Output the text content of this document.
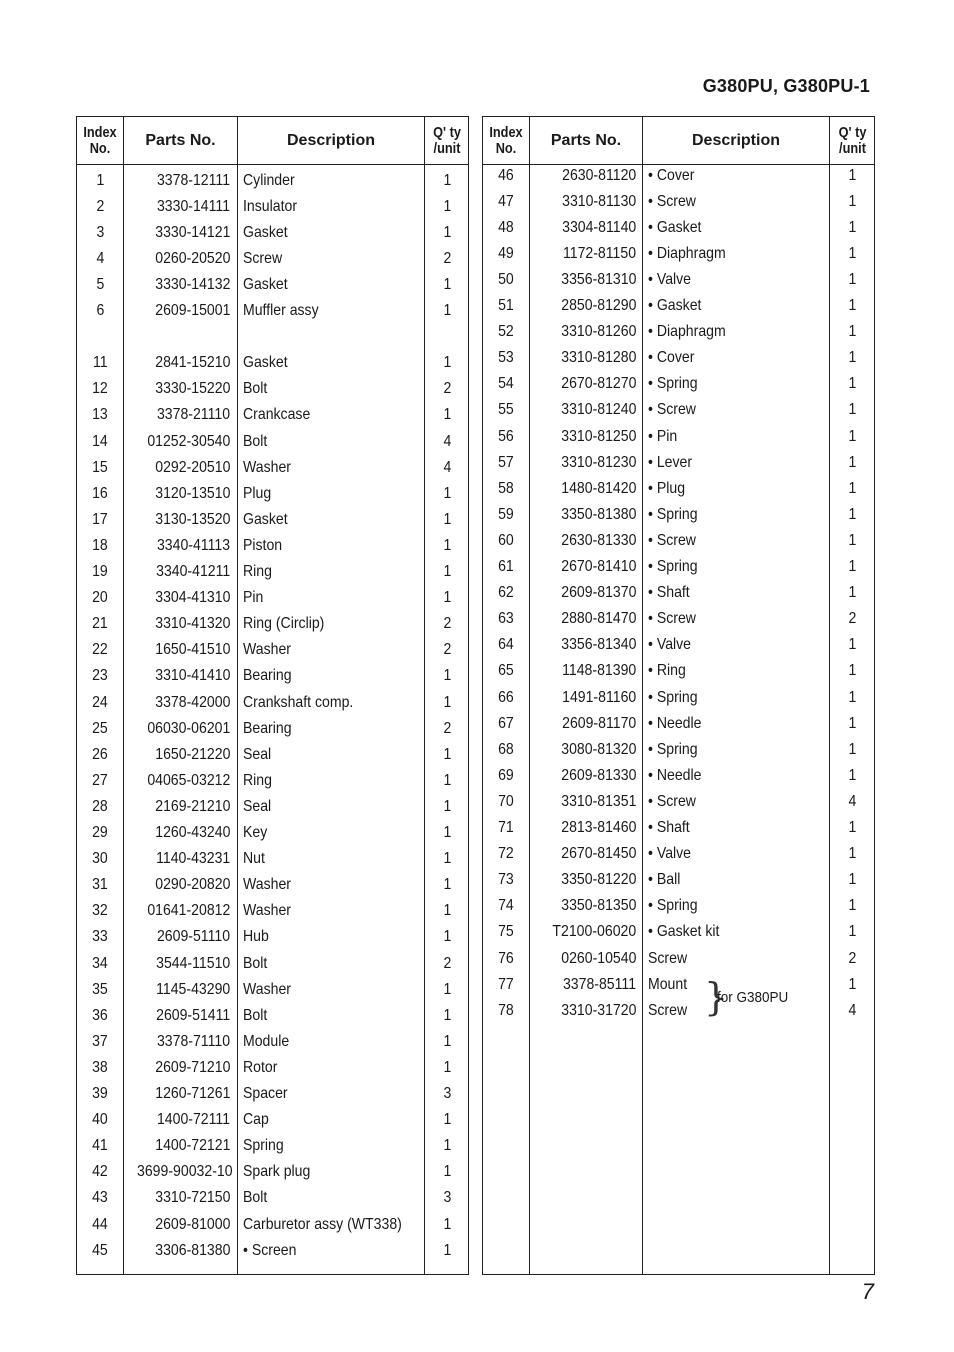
G380PU, G380PU-1
Index
No.	Parts No.	Description	Q' ty
/unit
1	3378-12111 Cylinder	1
2	3330-14111 Insulator	1
3	3330-14121 Gasket	1
4	0260-20520 Screw	2
5	3330-14132 Gasket	1
6	2609-15001 Muffler assy	1
11	2841-15210 Gasket	1
12	3330-15220 Bolt	2
13	3378-21110 Crankcase	1
14	01252-30540 Bolt	4
15	0292-20510 Washer	4
16	3120-13510 Plug	1
17	3130-13520 Gasket	1
18	3340-41113 Piston	1
19	3340-41211 Ring	1
20	3304-41310 Pin	1
21	3310-41320 Ring (Circlip)	2
22	1650-41510 Washer	2
23	3310-41410 Bearing	1
24	3378-42000 Crankshaft comp.	1
25	06030-06201 Bearing	2
26	1650-21220 Seal	1
27	04065-03212 Ring	1
28	2169-21210 Seal	1
29	1260-43240 Key	1
30	1140-43231 Nut	1
31	0290-20820 Washer	1
32	01641-20812 Washer	1
33	2609-51110 Hub	1
34	3544-11510 Bolt	2
35	1145-43290 Washer	1
36	2609-51411 Bolt	1
37	3378-71110 Module	1
38	2609-71210 Rotor	1
39	1260-71261 Spacer	3
40	1400-72111 Cap	1
41	1400-72121 Spring	1
42	3699-90032-10 Spark plug	1
43	3310-72150 Bolt	3
44	2609-81000 Carburetor assy (WT338)	1
45	3306-81380 • Screen	1
Index
No.	Parts No.	Description	Q' ty
/unit
}
for G380PU
46	2630-81120 • Cover	1
47	3310-81130 • Screw	1
48	3304-81140 • Gasket	1
49	1172-81150 • Diaphragm	1
50	3356-81310 • Valve	1
51	2850-81290 • Gasket	1
52	3310-81260 • Diaphragm	1
53	3310-81280 • Cover	1
54	2670-81270 • Spring	1
55	3310-81240 • Screw	1
56	3310-81250 • Pin	1
57	3310-81230 • Lever	1
58	1480-81420 • Plug	1
59	3350-81380 • Spring	1
60	2630-81330 • Screw	1
61	2670-81410 • Spring	1
62	2609-81370 • Shaft	1
63	2880-81470 • Screw	2
64	3356-81340 • Valve	1
65	1148-81390 • Ring	1
66	1491-81160 • Spring	1
67	2609-81170 • Needle	1
68	3080-81320 • Spring	1
69	2609-81330 • Needle	1
70	3310-81351 • Screw	4
71	2813-81460 • Shaft	1
72	2670-81450 • Valve	1
73	3350-81220 • Ball	1
74	3350-81350 • Spring	1
75	T2100-06020 • Gasket kit	1
76	0260-10540 Screw	2
77	3378-85111 Mount	1
78	3310-31720 Screw	4
7
